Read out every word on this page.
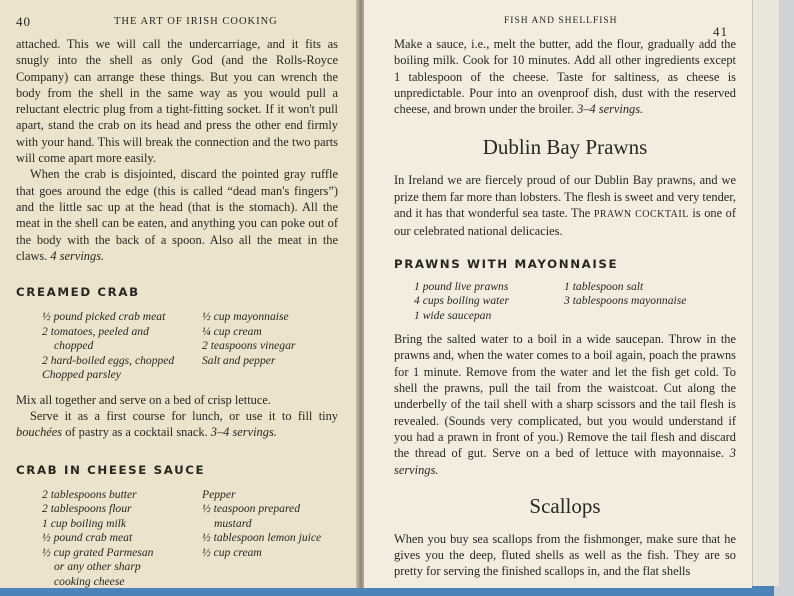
40	THE ART OF IRISH COOKING

attached. This we will call the undercarriage, and it fits as snugly into the shell as only God (and the Rolls-Royce Company) can arrange these things. But you can wrench the body from the shell in the same way as you would pull a reluctant electric plug from a tight-fitting socket. If it won't pull apart, stand the crab on its head and press the other end firmly with your hand. This will break the connection and the two parts will come apart more easily.

When the crab is disjointed, discard the pointed gray ruffle that goes around the edge (this is called “dead man's fingers”) and the little sac up at the head (that is the stomach). All the meat in the shell can be eaten, and anything you can poke out of the body with the back of a spoon. Also all the meat in the claws. 4 servings.

CREAMED CRAB
½ pound picked crab meat
2 tomatoes, peeled and
chopped
2 hard-boiled eggs, chopped
Chopped parsley
½ cup mayonnaise
¼ cup cream
2 teaspoons vinegar
Salt and pepper

Mix all together and serve on a bed of crisp lettuce.

Serve it as a first course for lunch, or use it to fill tiny bouchées of pastry as a cocktail snack. 3–4 servings.

CRAB IN CHEESE SAUCE
2 tablespoons butter
2 tablespoons flour
1 cup boiling milk
½ pound crab meat
½ cup grated Parmesan
or any other sharp
cooking cheese
Pepper
½ teaspoon prepared
mustard
½ tablespoon lemon juice
½ cup cream
FISH AND SHELLFISH
41

Make a sauce, i.e., melt the butter, add the flour, gradually add the boiling milk. Cook for 10 minutes. Add all other ingredients except 1 tablespoon of the cheese. Taste for saltiness, as cheese is unpredictable. Pour into an ovenproof dish, dust with the reserved cheese, and brown under the broiler. 3–4 servings.

Dublin Bay Prawns

In Ireland we are fiercely proud of our Dublin Bay prawns, and we prize them far more than lobsters. The flesh is sweet and very tender, and it has that wonderful sea taste. The PRAWN COCKTAIL is one of our celebrated national delicacies.

PRAWNS WITH MAYONNAISE
1 pound live prawns
4 cups boiling water
1 wide saucepan
1 tablespoon salt
3 tablespoons mayonnaise

Bring the salted water to a boil in a wide saucepan. Throw in the prawns and, when the water comes to a boil again, poach the prawns for 1 minute. Remove from the water and let the fish get cold. To shell the prawns, pull the tail from the waistcoat. Cut along the underbelly of the tail shell with a sharp scissors and the tail flesh is revealed. (Sounds very complicated, but you would understand if you had a prawn in front of you.) Remove the tail flesh and discard the thread of gut. Serve on a bed of lettuce with mayonnaise. 3 servings.

Scallops

When you buy sea scallops from the fishmonger, make sure that he gives you the deep, fluted shells as well as the fish. They are so pretty for serving the finished scallops in, and the flat shells
